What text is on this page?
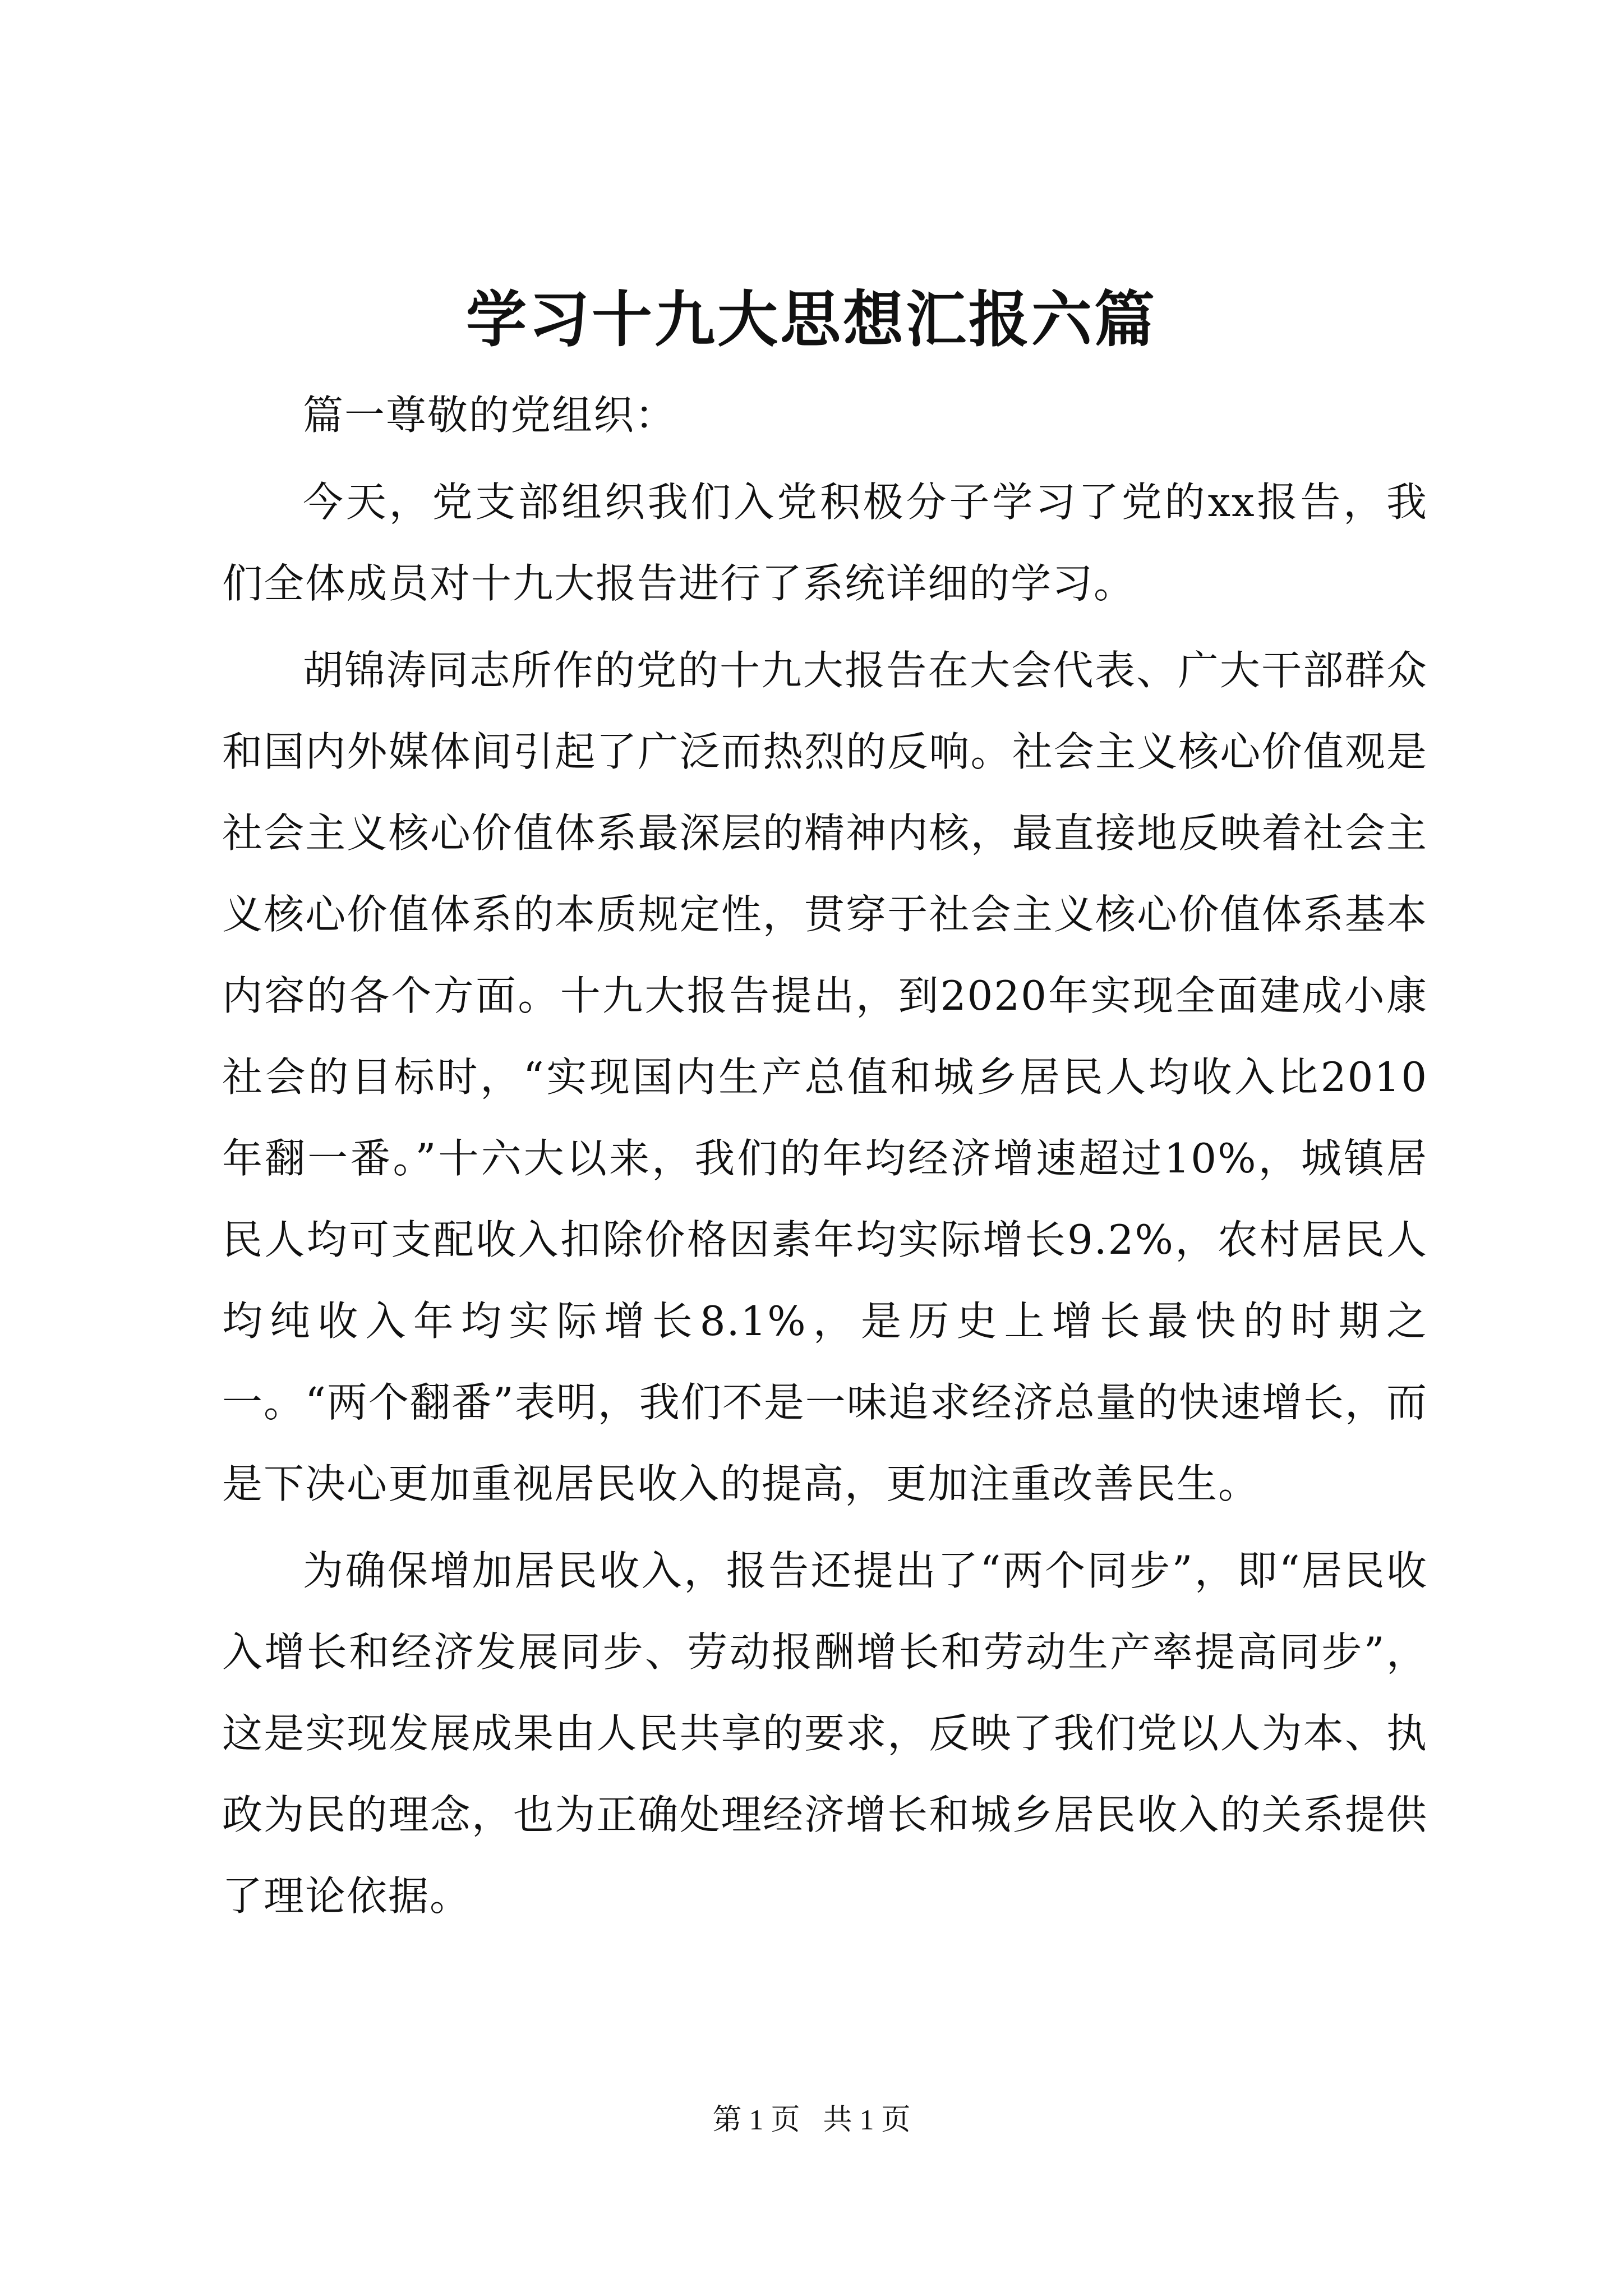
学习十九大思想汇报六篇

篇一尊敬的党组织：

今天，党支部组织我们入党积极分子学习了党的xx报告，我们全体成员对十九大报告进行了系统详细的学习。

胡锦涛同志所作的党的十九大报告在大会代表、广大干部群众和国内外媒体间引起了广泛而热烈的反响。社会主义核心价值观是社会主义核心价值体系最深层的精神内核，最直接地反映着社会主义核心价值体系的本质规定性，贯穿于社会主义核心价值体系基本内容的各个方面。十九大报告提出，到2020年实现全面建成小康社会的目标时，“实现国内生产总值和城乡居民人均收入比2010年翻一番。”十六大以来，我们的年均经济增速超过10%，城镇居民人均可支配收入扣除价格因素年均实际增长9.2%，农村居民人均纯收入年均实际增长8.1%，是历史上增长最快的时期之一。“两个翻番”表明，我们不是一味追求经济总量的快速增长，而是下决心更加重视居民收入的提高，更加注重改善民生。

为确保增加居民收入，报告还提出了“两个同步”，即“居民收入增长和经济发展同步、劳动报酬增长和劳动生产率提高同步”，这是实现发展成果由人民共享的要求，反映了我们党以人为本、执政为民的理念，也为正确处理经济增长和城乡居民收入的关系提供了理论依据。

第 1 页 共 1 页
